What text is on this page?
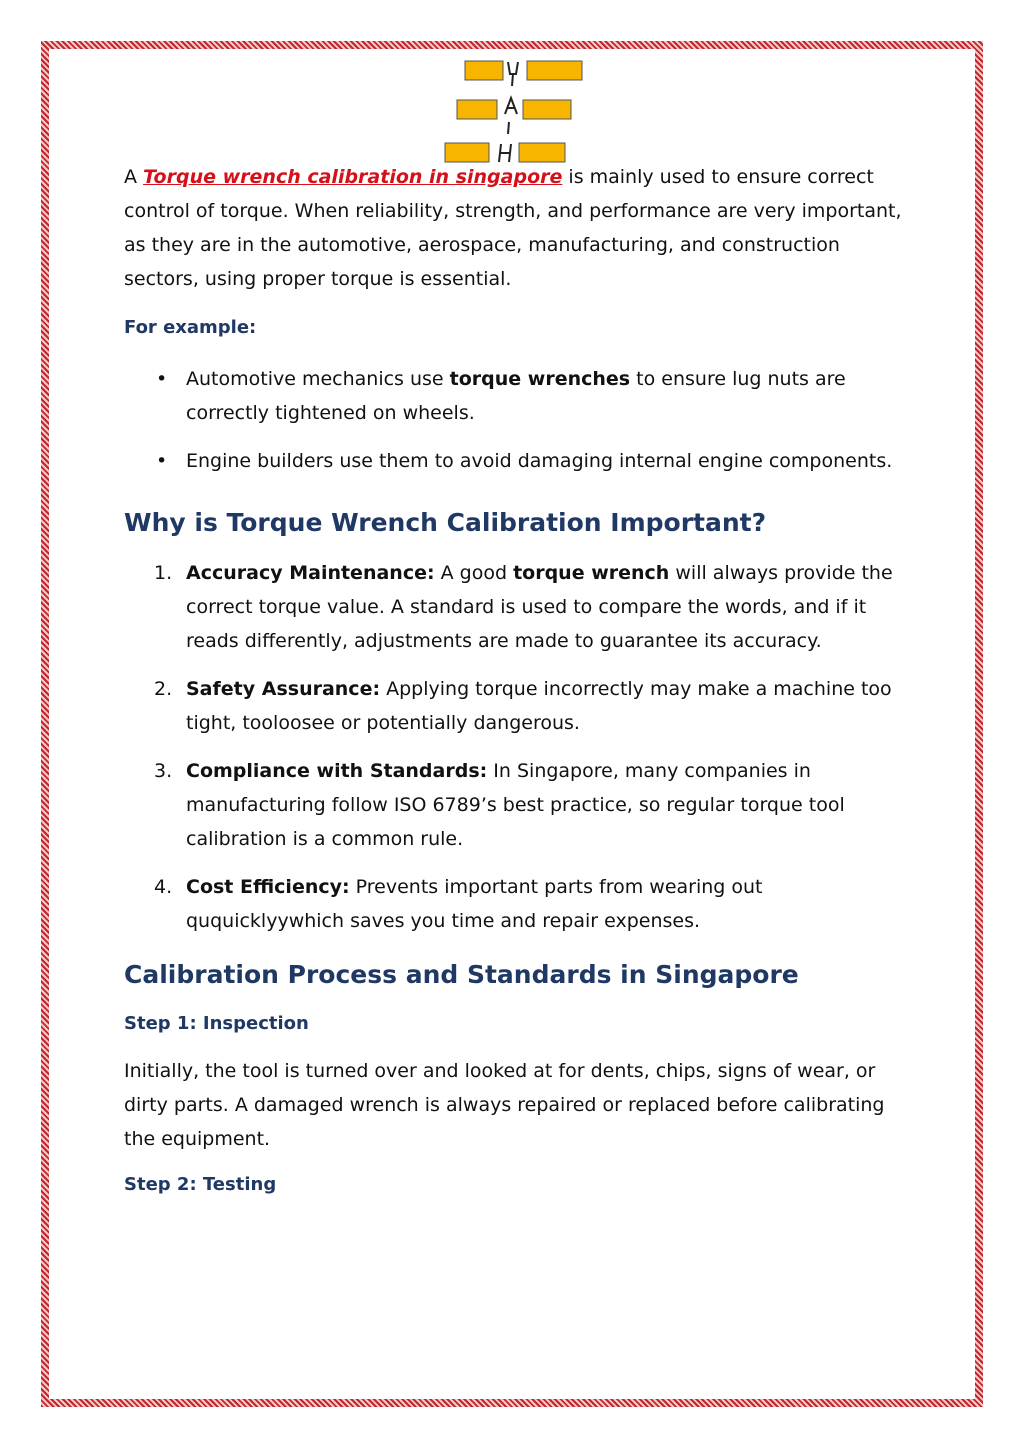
A Torque wrench calibration in singapore is mainly used to ensure correct control of torque. When reliability, strength, and performance are very important, as they are in the automotive, aerospace, manufacturing, and construction sectors, using proper torque is essential.

For example:

• Automotive mechanics use torque wrenches to ensure lug nuts are correctly tightened on wheels.
• Engine builders use them to avoid damaging internal engine components.
Why is Torque Wrench Calibration Important?
1. Accuracy Maintenance: A good torque wrench will always provide the correct torque value. A standard is used to compare the words, and if it reads differently, adjustments are made to guarantee its accuracy.
2. Safety Assurance: Applying torque incorrectly may make a machine too tight, tooloosee or potentially dangerous.
3. Compliance with Standards: In Singapore, many companies in manufacturing follow ISO 6789’s best practice, so regular torque tool calibration is a common rule.
4. Cost Efficiency: Prevents important parts from wearing out ququicklyywhich saves you time and repair expenses.
Calibration Process and Standards in Singapore

Step 1: Inspection

Initially, the tool is turned over and looked at for dents, chips, signs of wear, or dirty parts. A damaged wrench is always repaired or replaced before calibrating the equipment.

Step 2: Testing
